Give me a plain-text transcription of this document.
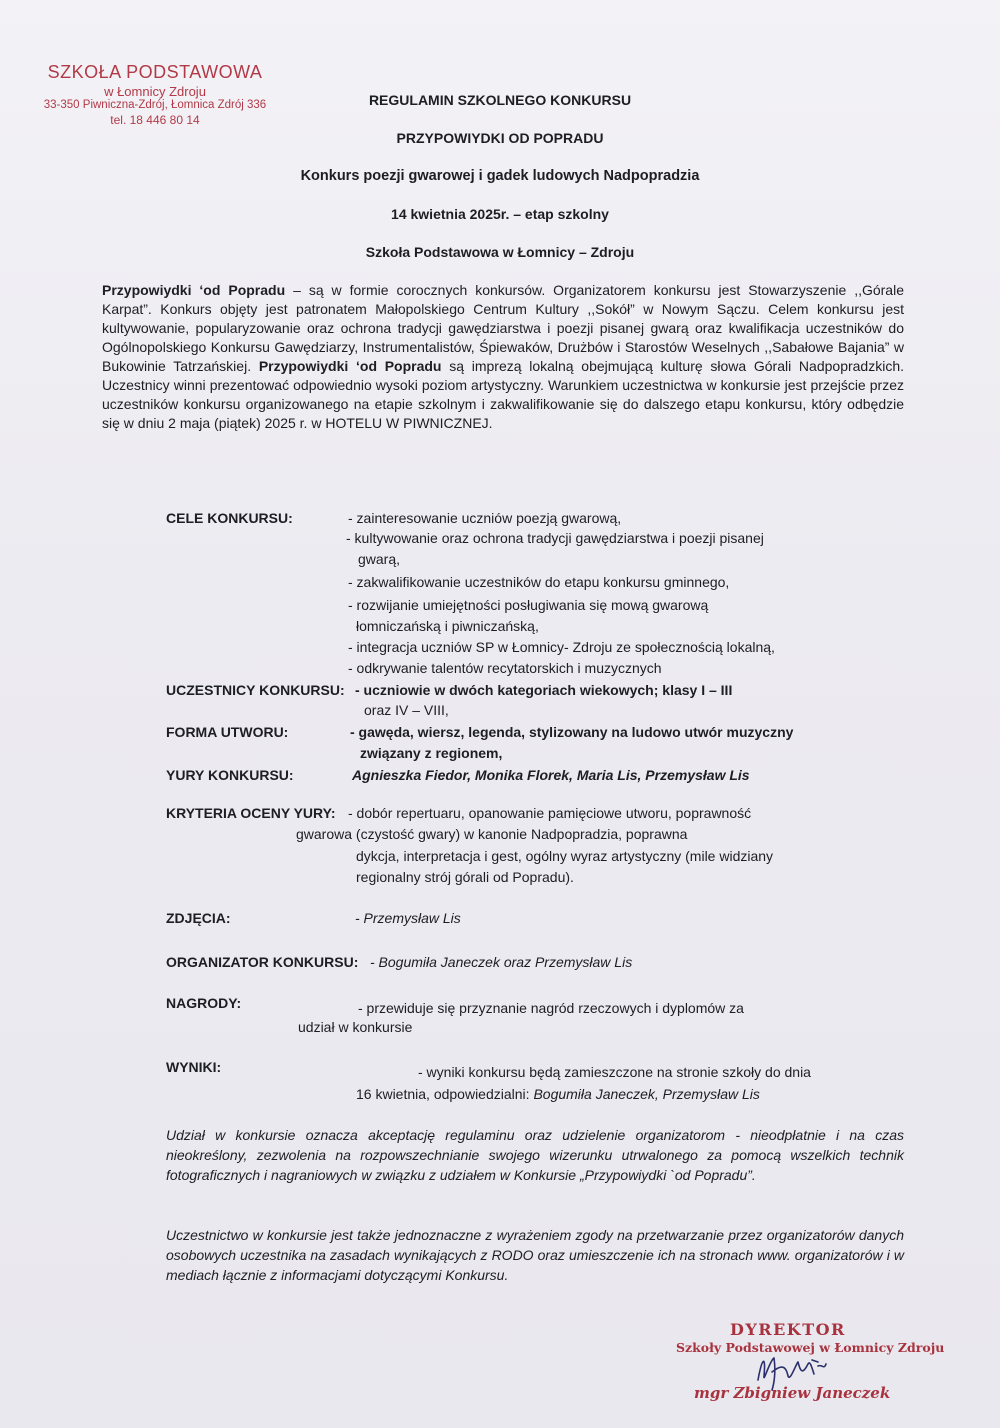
SZKOŁA PODSTAWOWA
w Łomnicy Zdroju
33-350 Piwniczna-Zdrój, Łomnica Zdrój 336
tel. 18 446 80 14
REGULAMIN SZKOLNEGO KONKURSU
PRZYPOWIYDKI OD POPRADU
Konkurs poezji gwarowej i gadek ludowych Nadpopradzia
14 kwietnia 2025r. – etap szkolny
Szkoła Podstawowa w Łomnicy – Zdroju
Przypowiydki ‘od Popradu – są w formie corocznych konkursów. Organizatorem konkursu jest Stowarzyszenie ,,Górale Karpat”. Konkurs objęty jest patronatem Małopolskiego Centrum Kultury ,,Sokół” w Nowym Sączu. Celem konkursu jest kultywowanie, popularyzowanie oraz ochrona tradycji gawędziarstwa i poezji pisanej gwarą oraz kwalifikacja uczestników do Ogólnopolskiego Konkursu Gawędziarzy, Instrumentalistów, Śpiewaków, Drużbów i Starostów Weselnych ,,Sabałowe Bajania” w Bukowinie Tatrzańskiej. Przypowiydki ‘od Popradu są imprezą lokalną obejmującą kulturę słowa Górali Nadpopradzkich. Uczestnicy winni prezentować odpowiednio wysoki poziom artystyczny. Warunkiem uczestnictwa w konkursie jest przejście przez uczestników konkursu organizowanego na etapie szkolnym i zakwalifikowanie się do dalszego etapu konkursu, który odbędzie się w dniu 2 maja (piątek) 2025 r. w HOTELU W PIWNICZNEJ.
CELE KONKURSU:	- zainteresowanie uczniów poezją gwarową,
- kultywowanie oraz ochrona tradycji gawędziarstwa i poezji pisanej
gwarą,
- zakwalifikowanie uczestników do etapu konkursu gminnego,
- rozwijanie umiejętności posługiwania się mową gwarową
łomniczańską i piwniczańską,
- integracja uczniów SP w Łomnicy- Zdroju ze społecznością lokalną,
- odkrywanie talentów recytatorskich i muzycznych
UCZESTNICY KONKURSU: - uczniowie w dwóch kategoriach wiekowych; klasy I – III
oraz IV – VIII,
FORMA UTWORU:	- gawęda, wiersz, legenda, stylizowany na ludowo utwór muzyczny
związany z regionem,
YURY KONKURSU:	Agnieszka Fiedor, Monika Florek, Maria Lis, Przemysław Lis
KRYTERIA OCENY YURY: - dobór repertuaru, opanowanie pamięciowe utworu, poprawność
gwarowa (czystość gwary) w kanonie Nadpopradzia, poprawna
dykcja, interpretacja i gest, ogólny wyraz artystyczny (mile widziany
regionalny strój górali od Popradu).
ZDJĘCIA:	- Przemysław Lis
ORGANIZATOR KONKURSU: - Bogumiła Janeczek oraz Przemysław Lis
NAGRODY:	- przewiduje się przyznanie nagród rzeczowych i dyplomów za
udział w konkursie
WYNIKI:	- wyniki konkursu będą zamieszczone na stronie szkoły do dnia
16 kwietnia, odpowiedzialni: Bogumiła Janeczek, Przemysław Lis
Udział w konkursie oznacza akceptację regulaminu oraz udzielenie organizatorom - nieodpłatnie i na czas nieokreślony, zezwolenia na rozpowszechnianie swojego wizerunku utrwalonego za pomocą wszelkich technik fotograficznych i nagraniowych w związku z udziałem w Konkursie „Przypowiydki `od Popradu”.
Uczestnictwo w konkursie jest także jednoznaczne z wyrażeniem zgody na przetwarzanie przez organizatorów danych osobowych uczestnika na zasadach wynikających z RODO oraz umieszczenie ich na stronach www. organizatorów i w mediach łącznie z informacjami dotyczącymi Konkursu.
DYREKTOR
Szkoły Podstawowej w Łomnicy Zdroju
mgr Zbigniew Janeczek
